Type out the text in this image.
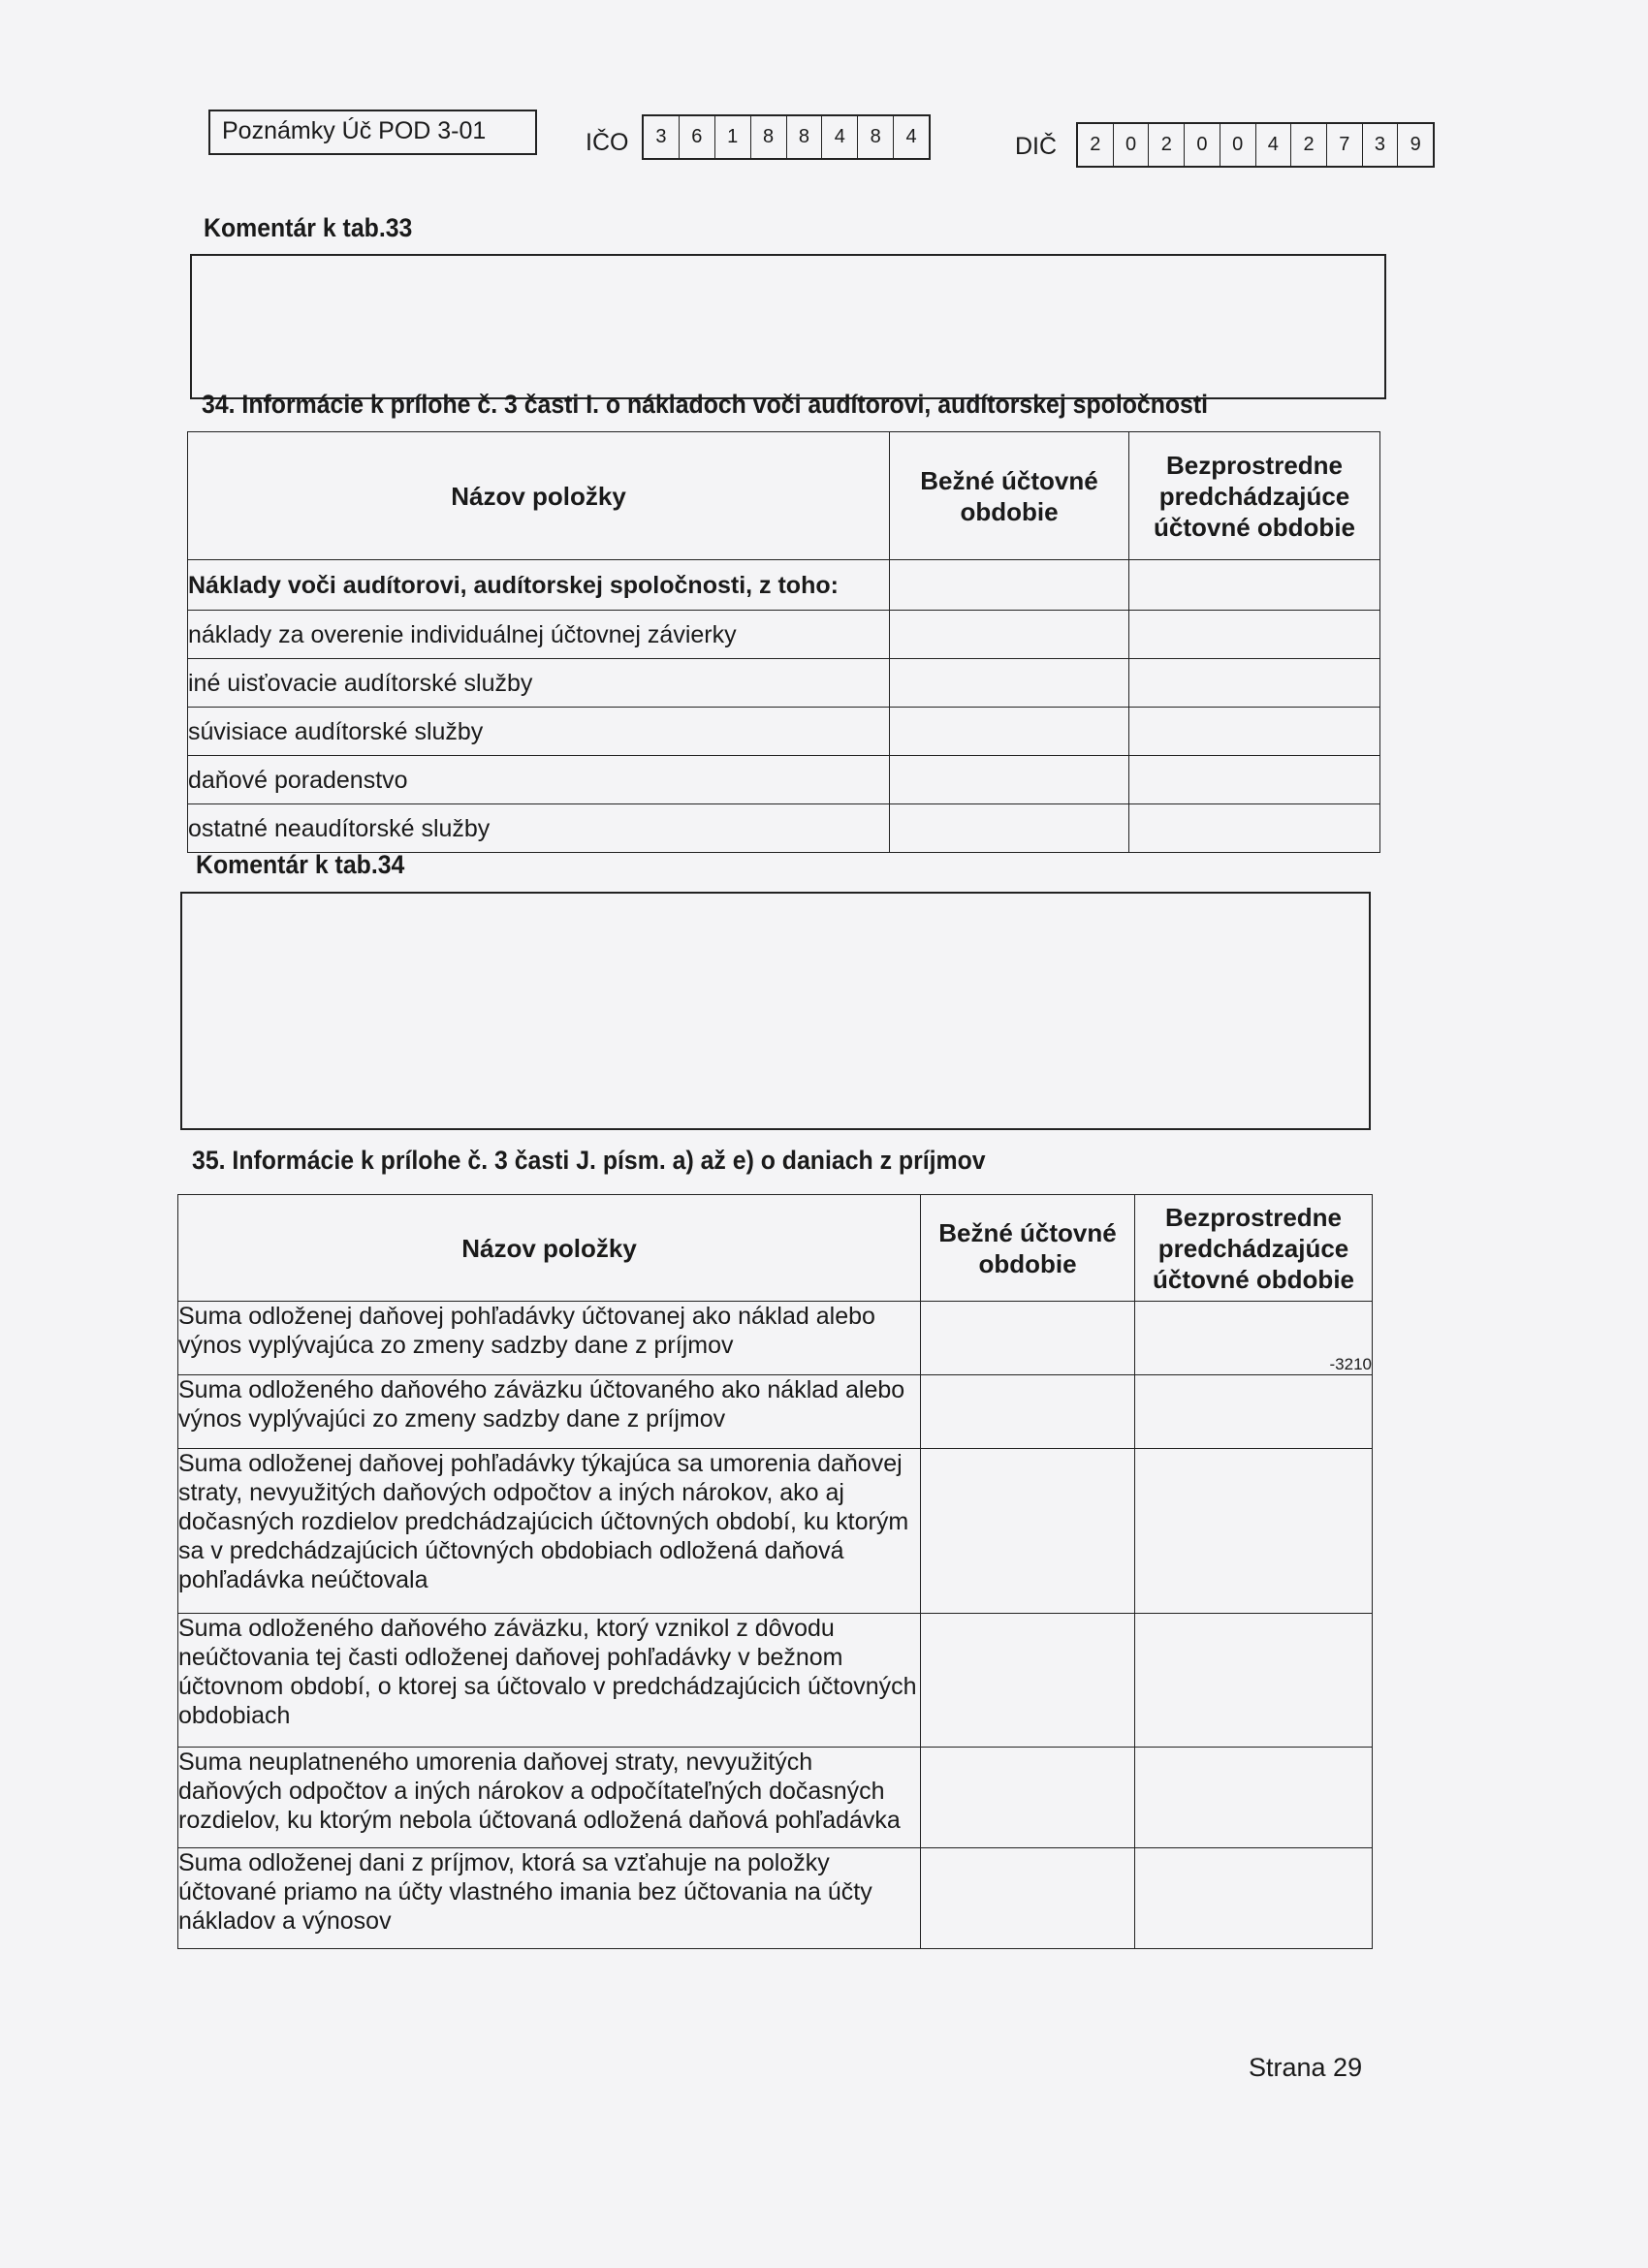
Poznámky Úč POD 3-01	IČO	3	6	1	8	8	4	8	4	DIČ	2	0	2	0	0	4	2	7	3	9
Komentár k tab.33
34. Informácie k prílohe č. 3 časti I. o nákladoch voči audítorovi, audítorskej spoločnosti
Názov položky	Bežné účtovné obdobie	Bezprostredne predchádzajúce účtovné obdobie
Náklady voči audítorovi, audítorskej spoločnosti, z toho:		
náklady za overenie individuálnej účtovnej závierky		
iné uisťovacie audítorské služby		
súvisiace audítorské služby		
daňové poradenstvo		
ostatné neaudítorské služby		
Komentár k tab.34
35. Informácie k prílohe č. 3 časti J. písm. a) až e) o daniach z príjmov
Názov položky	Bežné účtovné obdobie	Bezprostredne predchádzajúce účtovné obdobie
Suma odloženej daňovej pohľadávky účtovanej ako náklad alebo výnos vyplývajúca zo zmeny sadzby dane z príjmov		-3210
Suma odloženého daňového záväzku účtovaného ako náklad alebo výnos vyplývajúci zo zmeny sadzby dane z príjmov		
Suma odloženej daňovej pohľadávky týkajúca sa umorenia daňovej straty, nevyužitých daňových odpočtov a iných nárokov, ako aj dočasných rozdielov predchádzajúcich účtovných období, ku ktorým sa v predchádzajúcich účtovných obdobiach odložená daňová pohľadávka neúčtovala		
Suma odloženého daňového záväzku, ktorý vznikol z dôvodu neúčtovania tej časti odloženej daňovej pohľadávky v bežnom účtovnom období, o ktorej sa účtovalo v predchádzajúcich účtovných obdobiach		
Suma neuplatneného umorenia daňovej straty, nevyužitých daňových odpočtov a iných nárokov a odpočítateľných dočasných rozdielov, ku ktorým nebola účtovaná odložená daňová pohľadávka		
Suma odloženej dani z príjmov, ktorá sa vzťahuje na položky účtované priamo na účty vlastného imania bez účtovania na účty nákladov a výnosov		
Strana 29
